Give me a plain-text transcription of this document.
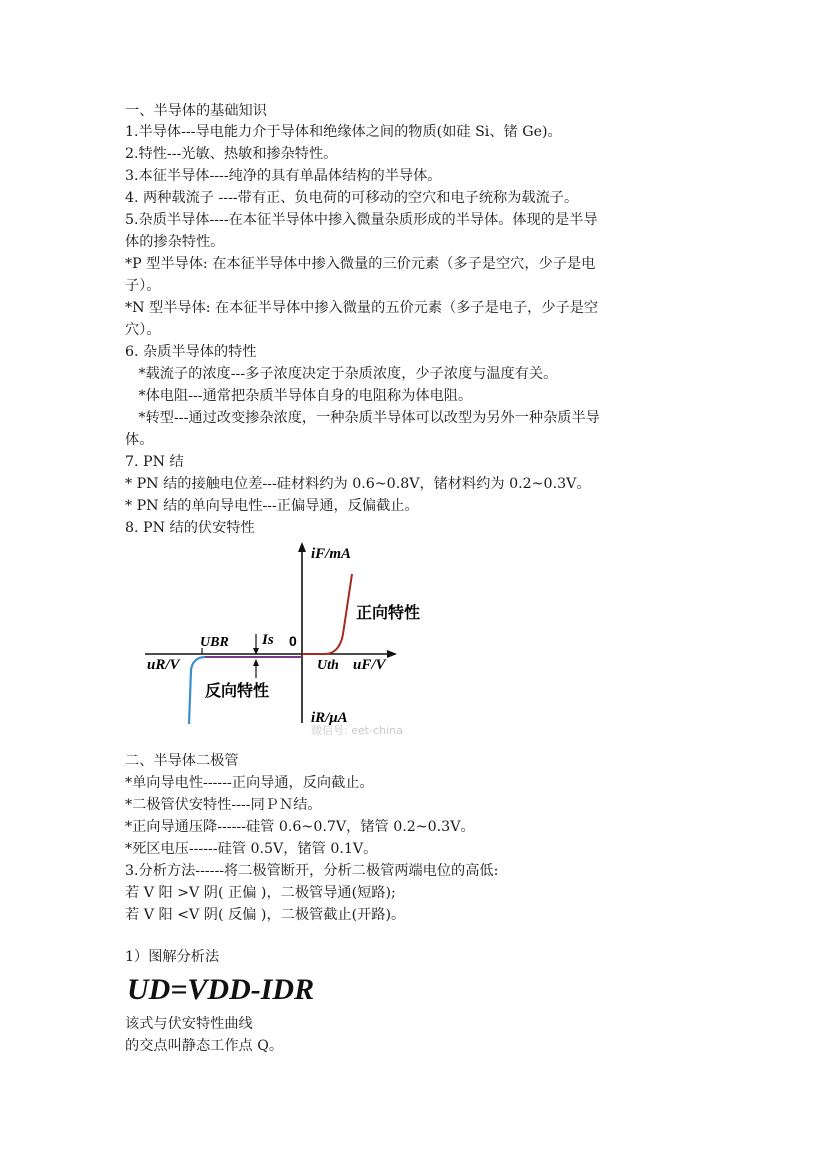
一、半导体的基础知识
1.半导体---导电能力介于导体和绝缘体之间的物质(如硅 Si、锗 Ge)。
2.特性---光敏、热敏和掺杂特性。
3.本征半导体----纯净的具有单晶体结构的半导体。
4. 两种载流子 ----带有正、负电荷的可移动的空穴和电子统称为载流子。
5.杂质半导体----在本征半导体中掺入微量杂质形成的半导体。体现的是半导
体的掺杂特性。
*P 型半导体: 在本征半导体中掺入微量的三价元素（多子是空穴，少子是电
子）。
*N 型半导体: 在本征半导体中掺入微量的五价元素（多子是电子，少子是空
穴）。
6. 杂质半导体的特性
*载流子的浓度---多子浓度决定于杂质浓度，少子浓度与温度有关。
*体电阻---通常把杂质半导体自身的电阻称为体电阻。
*转型---通过改变掺杂浓度，一种杂质半导体可以改型为另外一种杂质半导
体。
7. PN 结
* PN 结的接触电位差---硅材料约为 0.6~0.8V，锗材料约为 0.2~0.3V。
* PN 结的单向导电性---正偏导通，反偏截止。
8. PN 结的伏安特性
iF/mA
iR/μA
uF/V
uR/V
0
UBR Is
Uth
正向特性
反向特性
微信号: eet-china
二、半导体二极管
*单向导电性------正向导通，反向截止。
*二极管伏安特性----同ＰＮ结。
*正向导通压降------硅管 0.6~0.7V，锗管 0.2~0.3V。
*死区电压------硅管 0.5V，锗管 0.1V。
3.分析方法------将二极管断开，分析二极管两端电位的高低:
若 V 阳 >V 阴( 正偏 )，二极管导通(短路);
若 V 阳 <V 阴( 反偏 )，二极管截止(开路)。
1）图解分析法
UD=VDD-IDR
该式与伏安特性曲线
的交点叫静态工作点 Q。
